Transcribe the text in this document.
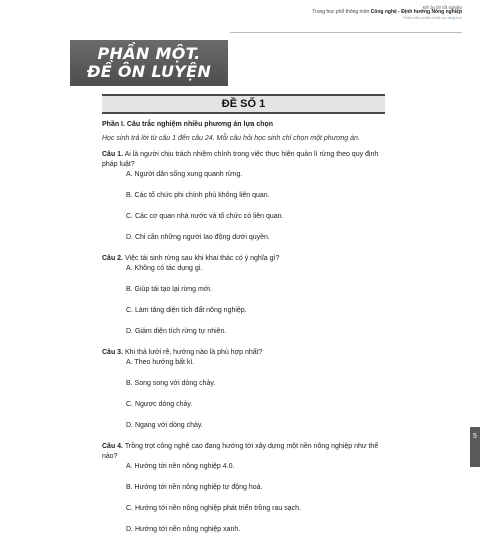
Đề ôn thi tốt nghiệp
Trung học phổ thông môn Công nghệ - Định hướng Nông nghiệp
Phát triển phẩm chất và năng lực
PHẦN MỘT.
ĐỀ ÔN LUYỆN
ĐỀ SỐ 1
Phần I. Câu trắc nghiệm nhiều phương án lựa chọn
Học sinh trả lời từ câu 1 đến câu 24. Mỗi câu hỏi học sinh chỉ chọn một phương án.
Câu 1. Ai là người chịu trách nhiệm chính trong việc thực hiện quản lí rừng theo quy định pháp luật?
A. Người dân sống xung quanh rừng.
B. Các tổ chức phi chính phủ không liên quan.
C. Các cơ quan nhà nước và tổ chức có liên quan.
D. Chỉ cần những người lao động dưới quyền.
Câu 2. Việc tái sinh rừng sau khi khai thác có ý nghĩa gì?
A. Không có tác dụng gì.
B. Giúp tái tạo lại rừng mới.
C. Làm tăng diện tích đất nông nghiệp.
D. Giảm diện tích rừng tự nhiên.
Câu 3. Khi thả lưới rê, hướng nào là phù hợp nhất?
A. Theo hướng bất kì.
B. Song song với dòng chảy.
C. Ngược dòng chảy.
D. Ngang với dòng chảy.
Câu 4. Trồng trọt công nghệ cao đang hướng tới xây dựng một nền nông nghiệp như thế nào?
A. Hướng tới nền nông nghiệp 4.0.
B. Hướng tới nền nông nghiệp tự động hoá.
C. Hướng tới nền nông nghiệp phát triển trồng rau sạch.
D. Hướng tới nền nông nghiệp xanh.
5
